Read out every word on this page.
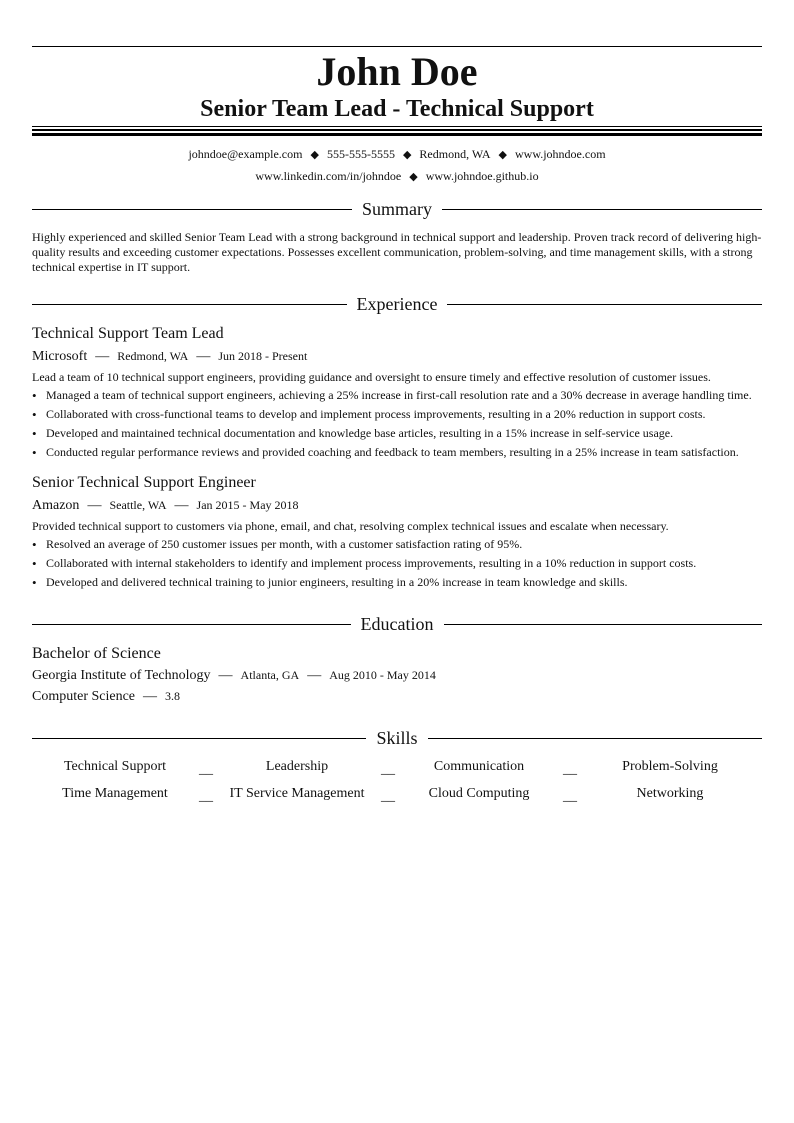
John Doe
Senior Team Lead - Technical Support
johndoe@example.com ◆ 555-555-5555 ◆ Redmond, WA ◆ www.johndoe.com
www.linkedin.com/in/johndoe ◆ www.johndoe.github.io
Summary
Highly experienced and skilled Senior Team Lead with a strong background in technical support and leadership. Proven track record of delivering high-quality results and exceeding customer expectations. Possesses excellent communication, problem-solving, and time management skills, with a strong technical expertise in IT support.
Experience
Technical Support Team Lead
Microsoft — Redmond, WA — Jun 2018 - Present
Lead a team of 10 technical support engineers, providing guidance and oversight to ensure timely and effective resolution of customer issues.
• Managed a team of technical support engineers, achieving a 25% increase in first-call resolution rate and a 30% decrease in average handling time.
• Collaborated with cross-functional teams to develop and implement process improvements, resulting in a 20% reduction in support costs.
• Developed and maintained technical documentation and knowledge base articles, resulting in a 15% increase in self-service usage.
• Conducted regular performance reviews and provided coaching and feedback to team members, resulting in a 25% increase in team satisfaction.
Senior Technical Support Engineer
Amazon — Seattle, WA — Jan 2015 - May 2018
Provided technical support to customers via phone, email, and chat, resolving complex technical issues and escalate when necessary.
• Resolved an average of 250 customer issues per month, with a customer satisfaction rating of 95%.
• Collaborated with internal stakeholders to identify and implement process improvements, resulting in a 10% reduction in support costs.
• Developed and delivered technical training to junior engineers, resulting in a 20% increase in team knowledge and skills.
Education
Bachelor of Science
Georgia Institute of Technology — Atlanta, GA — Aug 2010 - May 2014
Computer Science — 3.8
Skills
Technical Support	__	Leadership	__	Communication	__	Problem-Solving
Time Management	__	IT Service Management	__	Cloud Computing	__	Networking
